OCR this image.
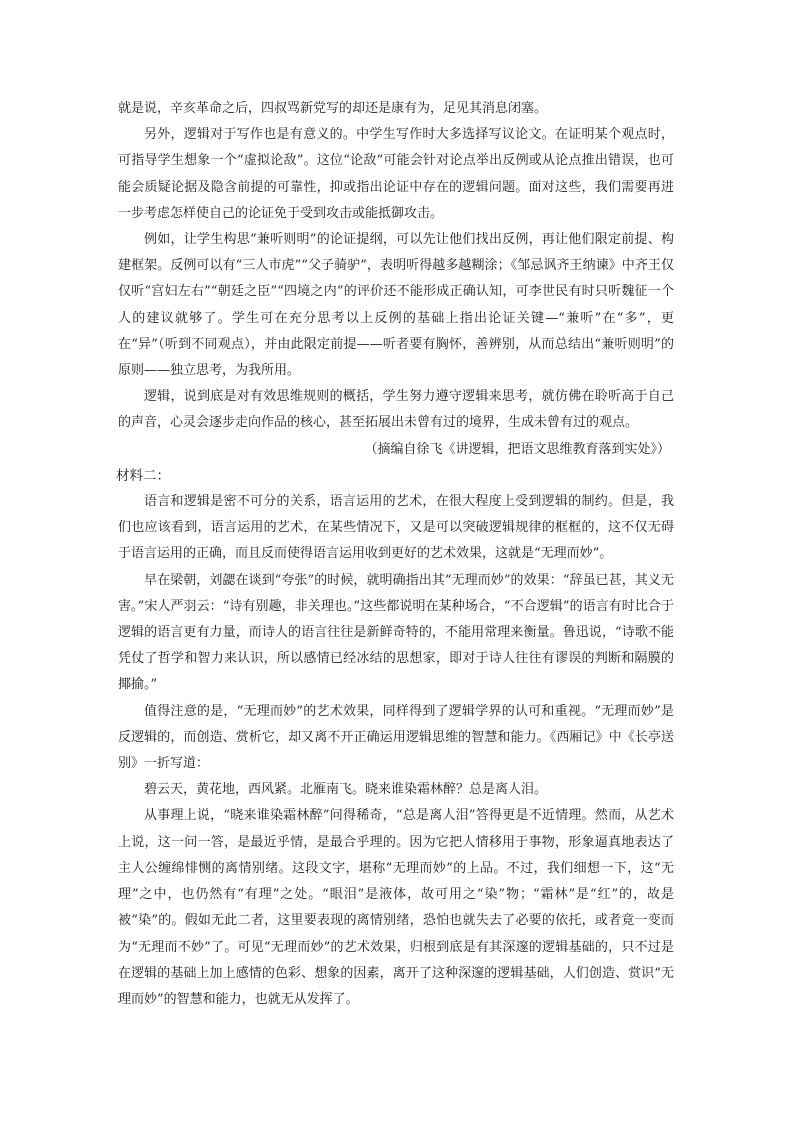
就是说，辛亥革命之后，四叔骂新党写的却还是康有为，足见其消息闭塞。

另外，逻辑对于写作也是有意义的。中学生写作时大多选择写议论文。在证明某个观点时，可指导学生想象一个“虚拟论敌”。这位“论敌”可能会针对论点举出反例或从论点推出错误，也可能会质疑论据及隐含前提的可靠性，抑或指出论证中存在的逻辑问题。面对这些，我们需要再进一步考虑怎样使自己的论证免于受到攻击或能抵御攻击。

例如，让学生构思“兼听则明”的论证提纲，可以先让他们找出反例，再让他们限定前提、构建框架。反例可以有“三人市虎”“父子骑驴”，表明听得越多越糊涂；《邹忌讽齐王纳谏》中齐王仅仅听“宫妇左右”“朝廷之臣”“四境之内”的评价还不能形成正确认知，可李世民有时只听魏征一个人的建议就够了。学生可在充分思考以上反例的基础上指出论证关键—“兼听”在“多”，更在“异”（听到不同观点），并由此限定前提——听者要有胸怀，善辨别，从而总结出“兼听则明”的原则——独立思考，为我所用。

逻辑，说到底是对有效思维规则的概括，学生努力遵守逻辑来思考，就仿佛在聆听高于自己的声音，心灵会逐步走向作品的核心，甚至拓展出未曾有过的境界，生成未曾有过的观点。

（摘编自徐飞《讲逻辑，把语文思维教育落到实处》）

材料二：

语言和逻辑是密不可分的关系，语言运用的艺术，在很大程度上受到逻辑的制约。但是，我们也应该看到，语言运用的艺术，在某些情况下，又是可以突破逻辑规律的框框的，这不仅无碍于语言运用的正确，而且反而使得语言运用收到更好的艺术效果，这就是“无理而妙”。

早在梁朝，刘勰在谈到“夸张”的时候，就明确指出其“无理而妙”的效果：“辞虽已甚，其义无害。”宋人严羽云：“诗有别趣，非关理也。”这些都说明在某种场合，“不合逻辑”的语言有时比合于逻辑的语言更有力量，而诗人的语言往往是新鲜奇特的，不能用常理来衡量。鲁迅说，“诗歌不能凭仗了哲学和智力来认识，所以感情已经冰结的思想家，即对于诗人往往有谬误的判断和隔膜的揶揄。”

值得注意的是，“无理而妙”的艺术效果，同样得到了逻辑学界的认可和重视。“无理而妙”是反逻辑的，而创造、赏析它，却又离不开正确运用逻辑思维的智慧和能力。《西厢记》中《长亭送别》一折写道：

碧云天，黄花地，西风紧。北雁南飞。晓来谁染霜林醉？总是离人泪。

从事理上说，“晓来谁染霜林醉”问得稀奇，“总是离人泪”答得更是不近情理。然而，从艺术上说，这一问一答，是最近乎情，是最合乎理的。因为它把人情移用于事物，形象逼真地表达了主人公缠绵悱恻的离情别绪。这段文字，堪称“无理而妙”的上品。不过，我们细想一下，这“无理”之中，也仍然有“有理”之处。“眼泪”是液体，故可用之“染”物；“霜林”是“红”的，故是被“染”的。假如无此二者，这里要表现的离情别绪，恐怕也就失去了必要的依托，或者竟一变而为“无理而不妙”了。可见“无理而妙”的艺术效果，归根到底是有其深邃的逻辑基础的，只不过是在逻辑的基础上加上感情的色彩、想象的因素，离开了这种深邃的逻辑基础，人们创造、赏识“无理而妙”的智慧和能力，也就无从发挥了。
